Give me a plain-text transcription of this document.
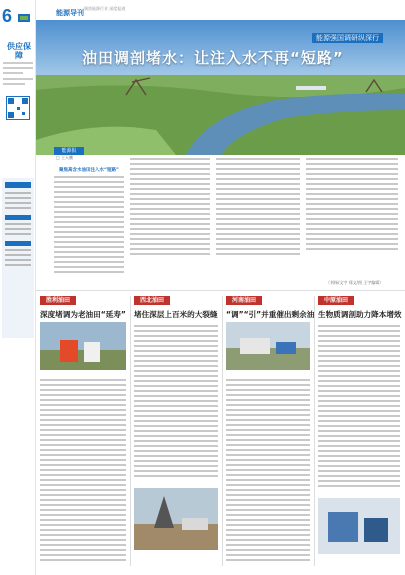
6
供应保障
能源导刊
聚焦能源行业 深度报道
能源强国调研纵深行
油田调剖堵水：让注入水不再“短路”
能源报
□ 王天鹏
聚焦高含水油田注入水“短路”
（刘杨/文字 郑文/图 王宇编辑）
胜利油田
深度堵调为老油田“延寿”
西北油田
堵住深层上百米的大裂缝
河南油田
“调”“引”并重催出剩余油
中原油田
生物质调剖助力降本增效
